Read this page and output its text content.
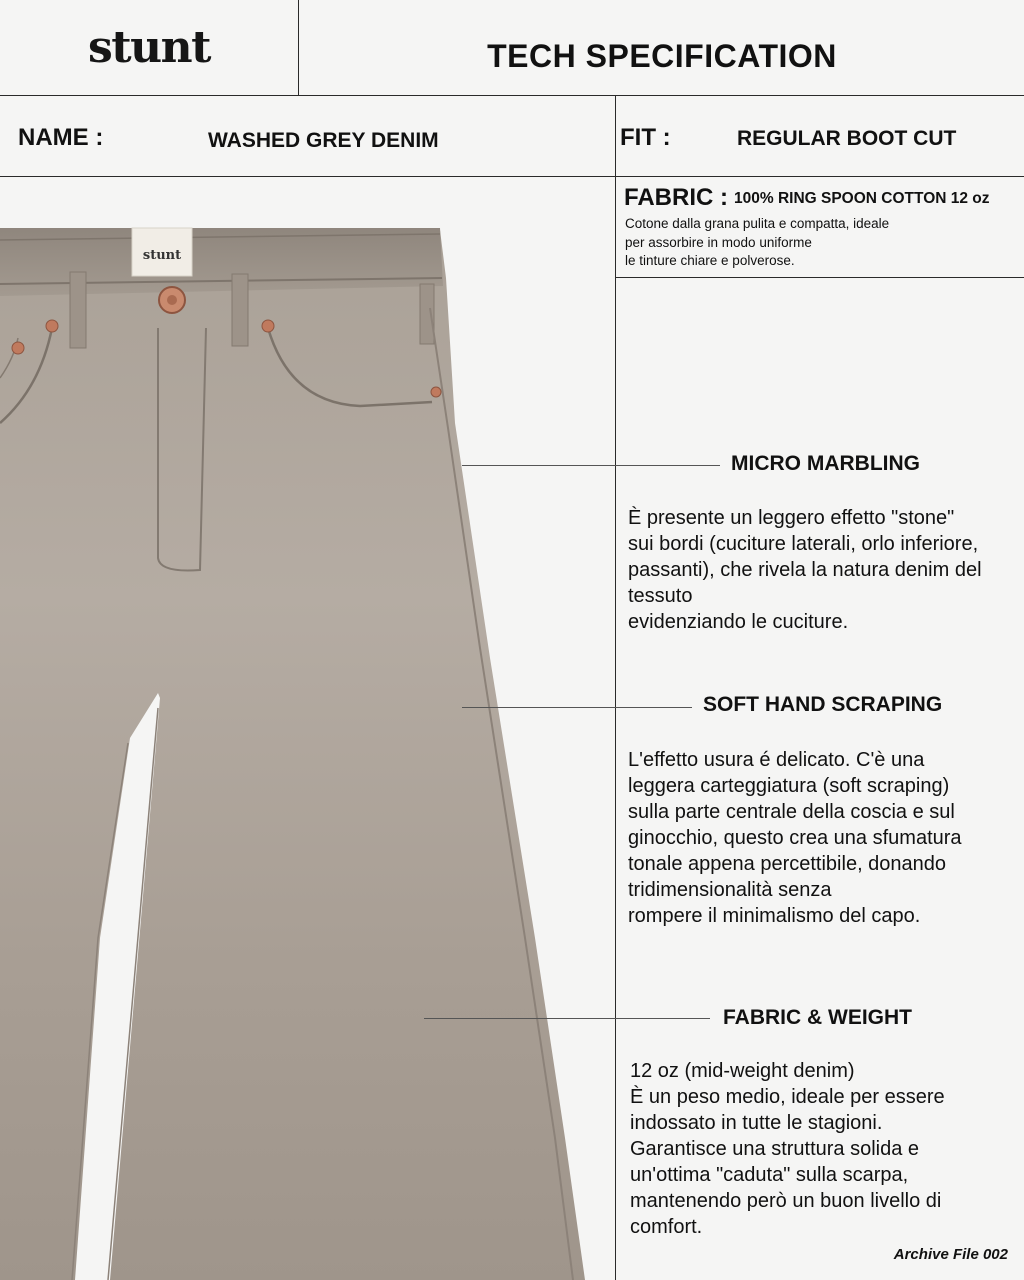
stunt	TECH SPECIFICATION
NAME :	WASHED GREY DENIM	FIT :	REGULAR BOOT CUT
FABRIC : 100% RING SPOON COTTON 12 oz
Cotone dalla grana pulita e compatta, ideale
per assorbire in modo uniforme
le tinture chiare e polverose.
stunt
MICRO MARBLING
È presente un leggero effetto "stone"
sui bordi (cuciture laterali, orlo inferiore,
passanti), che rivela la natura denim del
tessuto
evidenziando le cuciture.
SOFT HAND SCRAPING
L'effetto usura é delicato. C'è una
leggera carteggiatura (soft scraping)
sulla parte centrale della coscia e sul
ginocchio, questo crea una sfumatura
tonale appena percettibile, donando
tridimensionalità senza
rompere il minimalismo del capo.
FABRIC & WEIGHT
12 oz (mid-weight denim)
È un peso medio, ideale per essere
indossato in tutte le stagioni.
Garantisce una struttura solida e
un'ottima "caduta" sulla scarpa,
mantenendo però un buon livello di
comfort.
Archive File 002
